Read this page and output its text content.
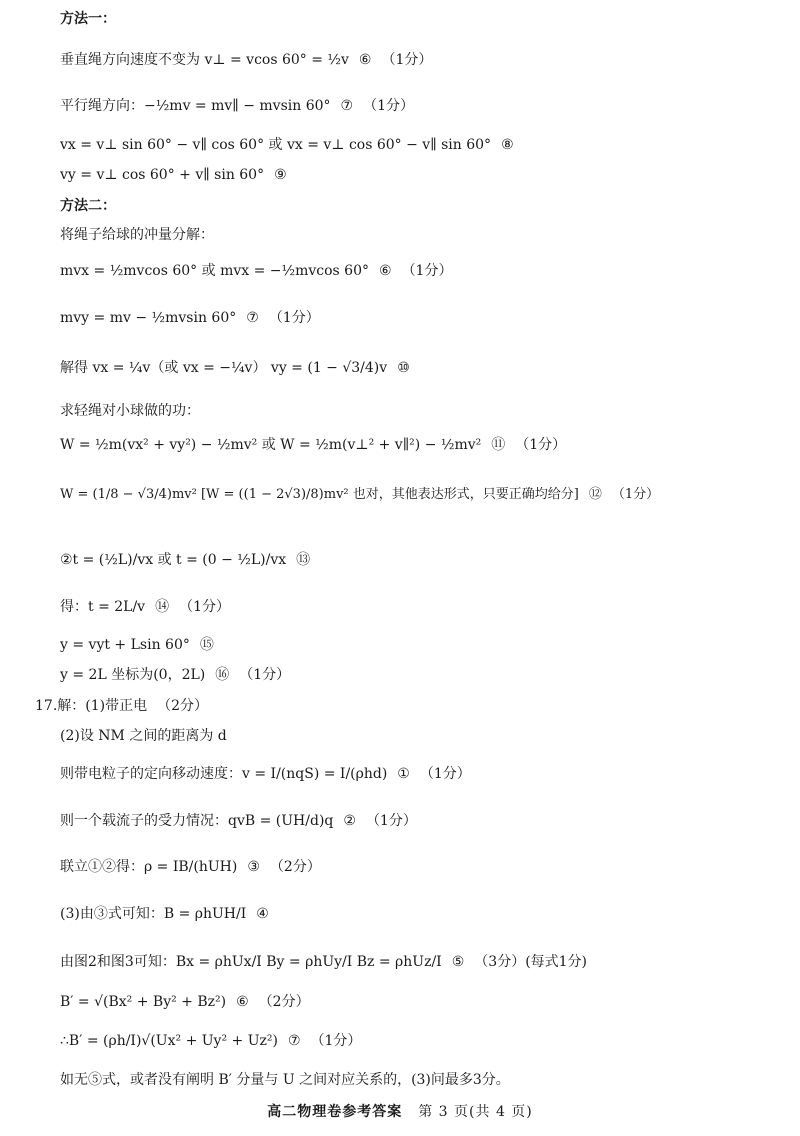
方法一：
垂直绳方向速度不变为 v⊥ = vcos 60° = ½v ⑥ （1分）
平行绳方向：−½mv = mv∥ − mvsin 60° ⑦ （1分）
vx = v⊥ sin 60° − v∥ cos 60° 或 vx = v⊥ cos 60° − v∥ sin 60° ⑧
vy = v⊥ cos 60° + v∥ sin 60° ⑨
方法二：
将绳子给球的冲量分解：
mvx = ½mvcos 60° 或 mvx = −½mvcos 60° ⑥ （1分）
mvy = mv − ½mvsin 60° ⑦ （1分）
解得 vx = ¼v（或 vx = −¼v） vy = (1 − √3/4)v ⑩
求轻绳对小球做的功：
W = ½m(vx² + vy²) − ½mv² 或 W = ½m(v⊥² + v∥²) − ½mv² ⑪ （1分）
W = (1/8 − √3/4)mv² [W = ((1 − 2√3)/8)mv² 也对，其他表达形式，只要正确均给分] ⑫ （1分）
②t = (½L)/vx 或 t = (0 − ½L)/vx ⑬
得：t = 2L/v ⑭ （1分）
y = vyt + Lsin 60° ⑮
y = 2L 坐标为(0，2L) ⑯ （1分）
17.解：(1)带正电 （2分）
(2)设 NM 之间的距离为 d
则带电粒子的定向移动速度：v = I/(nqS) = I/(ρhd) ① （1分）
则一个载流子的受力情况：qvB = (UH/d)q ② （1分）
联立①②得：ρ = IB/(hUH) ③ （2分）
(3)由③式可知：B = ρhUH/I ④
由图2和图3可知：Bx = ρhUx/I By = ρhUy/I Bz = ρhUz/I ⑤ （3分）(每式1分)
B′ = √(Bx² + By² + Bz²) ⑥ （2分）
∴B′ = (ρh/I)√(Ux² + Uy² + Uz²) ⑦ （1分）
如无⑤式，或者没有阐明 B′ 分量与 U 之间对应关系的，(3)问最多3分。
高二物理卷参考答案 第 3 页(共 4 页)
